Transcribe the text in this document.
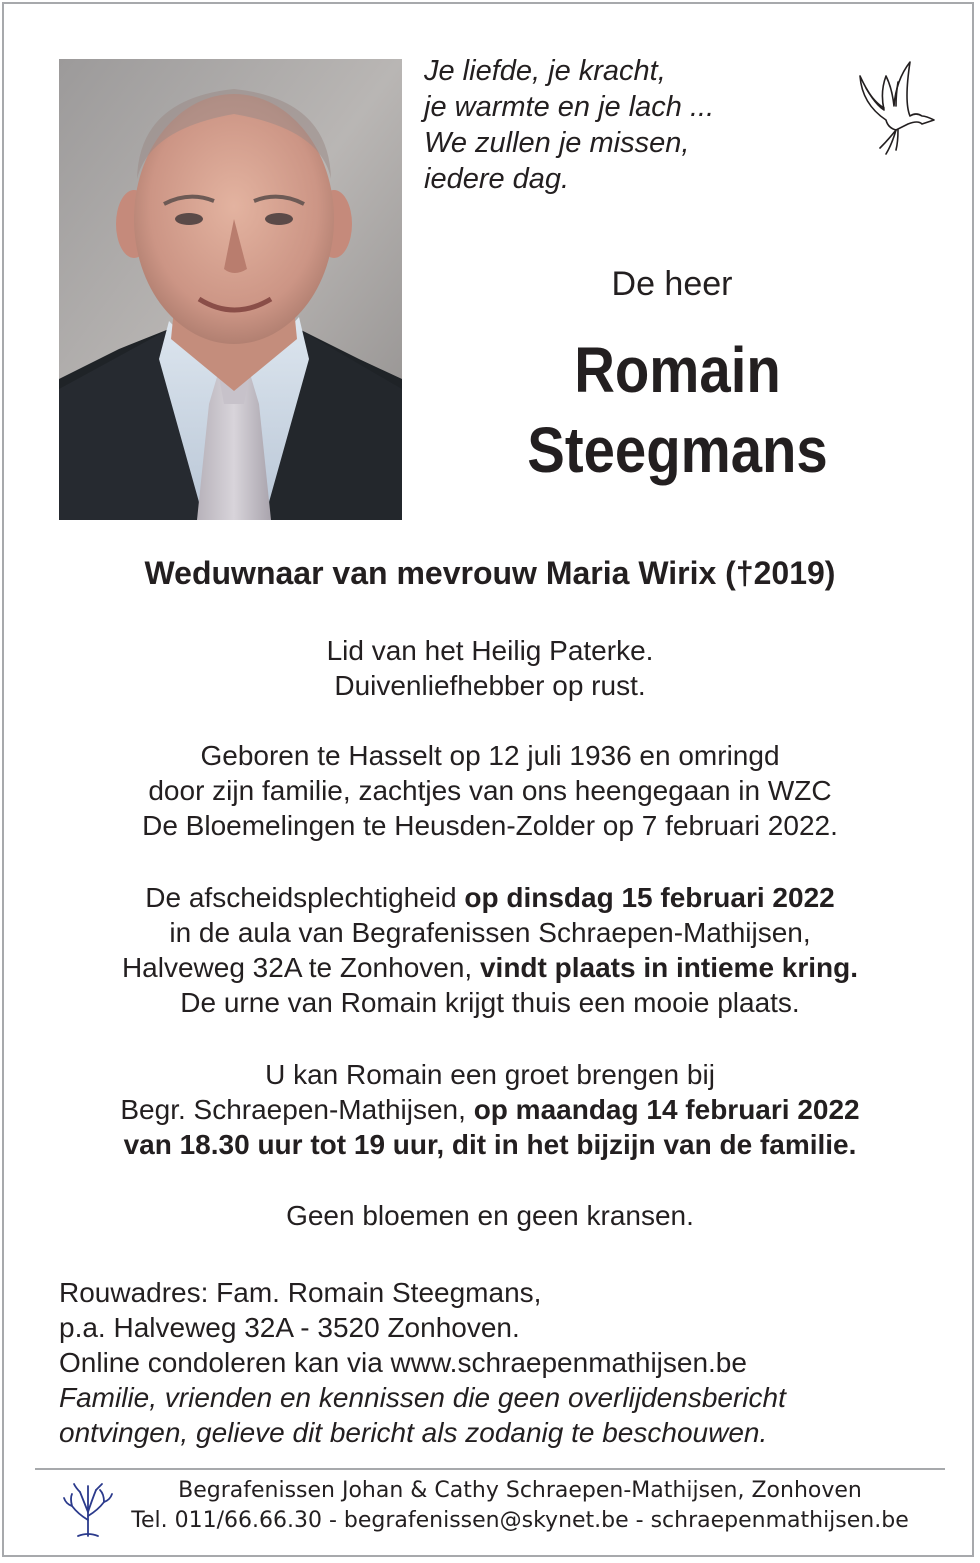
Je liefde, je kracht,
je warmte en je lach ...
We zullen je missen,
iedere dag.
De heer
Romain
Steegmans
Weduwnaar van mevrouw Maria Wirix (†2019)
Lid van het Heilig Paterke.
Duivenliefhebber op rust.
Geboren te Hasselt op 12 juli 1936 en omringd
door zijn familie, zachtjes van ons heengegaan in WZC
De Bloemelingen te Heusden-Zolder op 7 februari 2022.
De afscheidsplechtigheid op dinsdag 15 februari 2022
in de aula van Begrafenissen Schraepen-Mathijsen,
Halveweg 32A te Zonhoven, vindt plaats in intieme kring.
De urne van Romain krijgt thuis een mooie plaats.
U kan Romain een groet brengen bij
Begr. Schraepen-Mathijsen, op maandag 14 februari 2022
van 18.30 uur tot 19 uur, dit in het bijzijn van de familie.
Geen bloemen en geen kransen.
Rouwadres: Fam. Romain Steegmans,
p.a. Halveweg 32A - 3520 Zonhoven.
Online condoleren kan via www.schraepenmathijsen.be
Familie, vrienden en kennissen die geen overlijdensbericht
ontvingen, gelieve dit bericht als zodanig te beschouwen.
Begrafenissen Johan & Cathy Schraepen-Mathijsen, Zonhoven
Tel. 011/66.66.30 - begrafenissen@skynet.be - schraepenmathijsen.be
